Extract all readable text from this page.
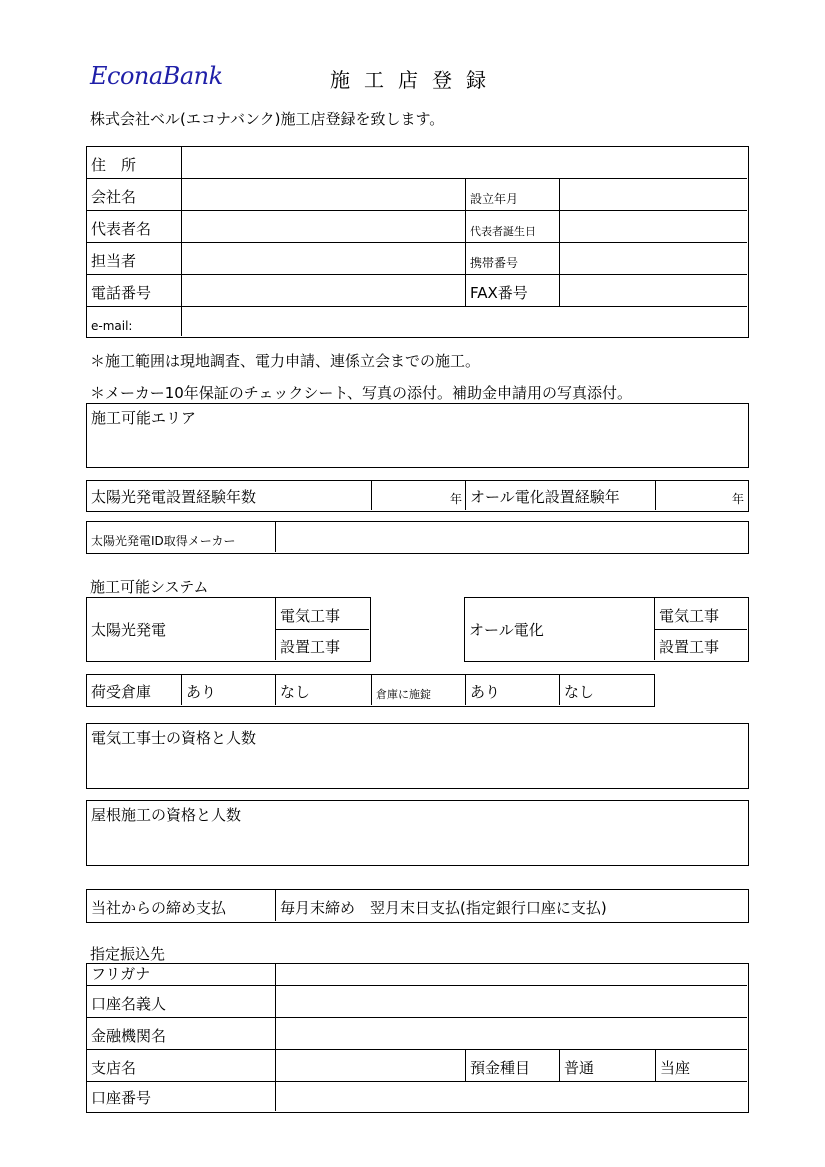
EconaBank	施工店登録
株式会社ベル(エコナバンク)施工店登録を致します。
住　所
会社名	設立年月
代表者名	代表者誕生日
担当者	携帯番号
電話番号	FAX番号
e-mail:
＊施工範囲は現地調査、電力申請、連係立会までの施工。
＊メーカー10年保証のチェックシート、写真の添付。補助金申請用の写真添付。
施工可能エリア
太陽光発電設置経験年数	年 オール電化設置経験年	年
太陽光発電ID取得メーカー
施工可能システム
太陽光発電
電気工事
設置工事
オール電化
電気工事
設置工事
荷受倉庫	あり	なし	倉庫に施錠	あり	なし
電気工事士の資格と人数
屋根施工の資格と人数
当社からの締め支払	毎月末締め　翌月末日支払(指定銀行口座に支払)
指定振込先
フリガナ
口座名義人
金融機関名
支店名	預金種目	普通	当座
口座番号
